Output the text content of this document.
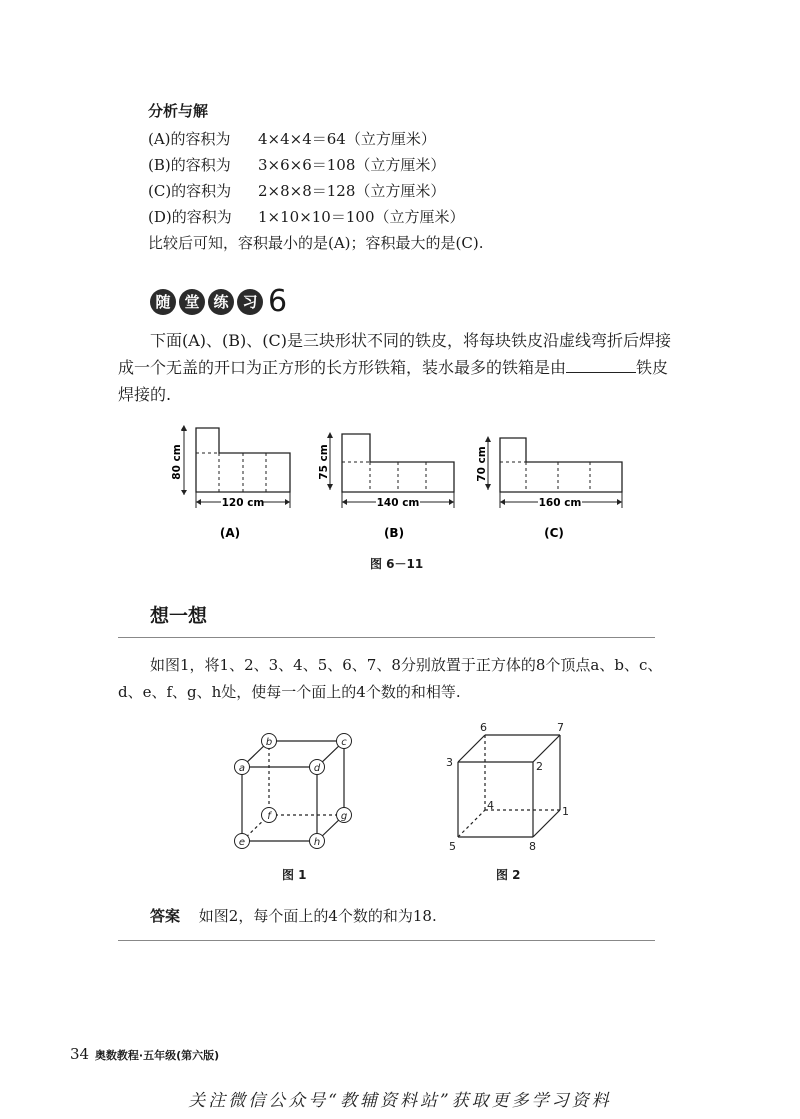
分析与解
(A)的容积为 4×4×4＝64（立方厘米）
(B)的容积为 3×6×6＝108（立方厘米）
(C)的容积为 2×8×8＝128（立方厘米）
(D)的容积为 1×10×10＝100（立方厘米）
比较后可知，容积最小的是(A)；容积最大的是(C).
随 堂 练 习 6
下面(A)、(B)、(C)是三块形状不同的铁皮，将每块铁皮沿虚线弯折后焊接成一个无盖的开口为正方形的长方形铁箱，装水最多的铁箱是由	铁皮焊接的.
80 cm
120 cm
(A)
75 cm
140 cm
(B)
70 cm
160 cm
(C)
图 6－11
想一想
如图1，将1、2、3、4、5、6、7、8分别放置于正方体的8个顶点a、b、c、d、e、f、g、h处，使每一个面上的4个数的和相等.
a
b	c
d
e
f	g
h
图 1
6	7
3	2
4	1
5	8
图 2
答案 如图2，每个面上的4个数的和为18.
34 奥数教程·五年级(第六版)
关注微信公众号“教辅资料站”获取更多学习资料
